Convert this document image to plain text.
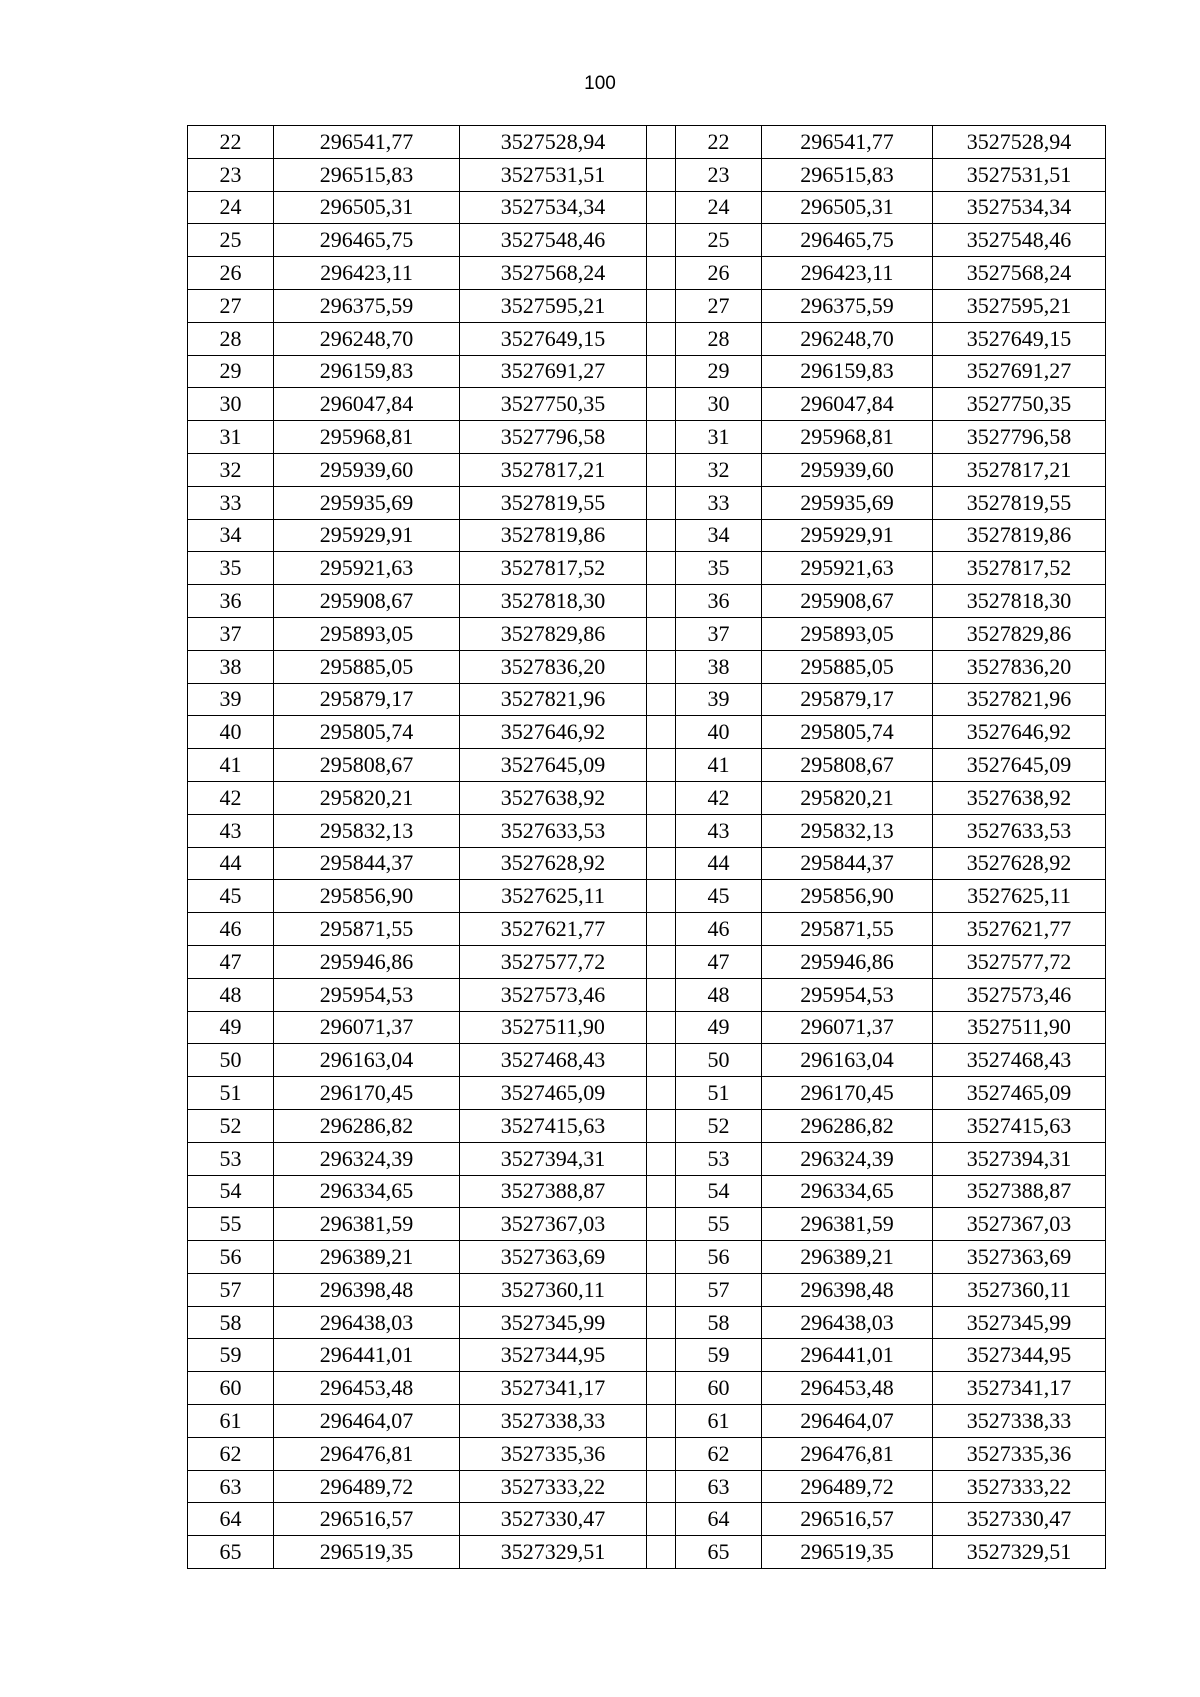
100
22	296541,77	3527528,94		22	296541,77	3527528,94
23	296515,83	3527531,51		23	296515,83	3527531,51
24	296505,31	3527534,34		24	296505,31	3527534,34
25	296465,75	3527548,46		25	296465,75	3527548,46
26	296423,11	3527568,24		26	296423,11	3527568,24
27	296375,59	3527595,21		27	296375,59	3527595,21
28	296248,70	3527649,15		28	296248,70	3527649,15
29	296159,83	3527691,27		29	296159,83	3527691,27
30	296047,84	3527750,35		30	296047,84	3527750,35
31	295968,81	3527796,58		31	295968,81	3527796,58
32	295939,60	3527817,21		32	295939,60	3527817,21
33	295935,69	3527819,55		33	295935,69	3527819,55
34	295929,91	3527819,86		34	295929,91	3527819,86
35	295921,63	3527817,52		35	295921,63	3527817,52
36	295908,67	3527818,30		36	295908,67	3527818,30
37	295893,05	3527829,86		37	295893,05	3527829,86
38	295885,05	3527836,20		38	295885,05	3527836,20
39	295879,17	3527821,96		39	295879,17	3527821,96
40	295805,74	3527646,92		40	295805,74	3527646,92
41	295808,67	3527645,09		41	295808,67	3527645,09
42	295820,21	3527638,92		42	295820,21	3527638,92
43	295832,13	3527633,53		43	295832,13	3527633,53
44	295844,37	3527628,92		44	295844,37	3527628,92
45	295856,90	3527625,11		45	295856,90	3527625,11
46	295871,55	3527621,77		46	295871,55	3527621,77
47	295946,86	3527577,72		47	295946,86	3527577,72
48	295954,53	3527573,46		48	295954,53	3527573,46
49	296071,37	3527511,90		49	296071,37	3527511,90
50	296163,04	3527468,43		50	296163,04	3527468,43
51	296170,45	3527465,09		51	296170,45	3527465,09
52	296286,82	3527415,63		52	296286,82	3527415,63
53	296324,39	3527394,31		53	296324,39	3527394,31
54	296334,65	3527388,87		54	296334,65	3527388,87
55	296381,59	3527367,03		55	296381,59	3527367,03
56	296389,21	3527363,69		56	296389,21	3527363,69
57	296398,48	3527360,11		57	296398,48	3527360,11
58	296438,03	3527345,99		58	296438,03	3527345,99
59	296441,01	3527344,95		59	296441,01	3527344,95
60	296453,48	3527341,17		60	296453,48	3527341,17
61	296464,07	3527338,33		61	296464,07	3527338,33
62	296476,81	3527335,36		62	296476,81	3527335,36
63	296489,72	3527333,22		63	296489,72	3527333,22
64	296516,57	3527330,47		64	296516,57	3527330,47
65	296519,35	3527329,51		65	296519,35	3527329,51
